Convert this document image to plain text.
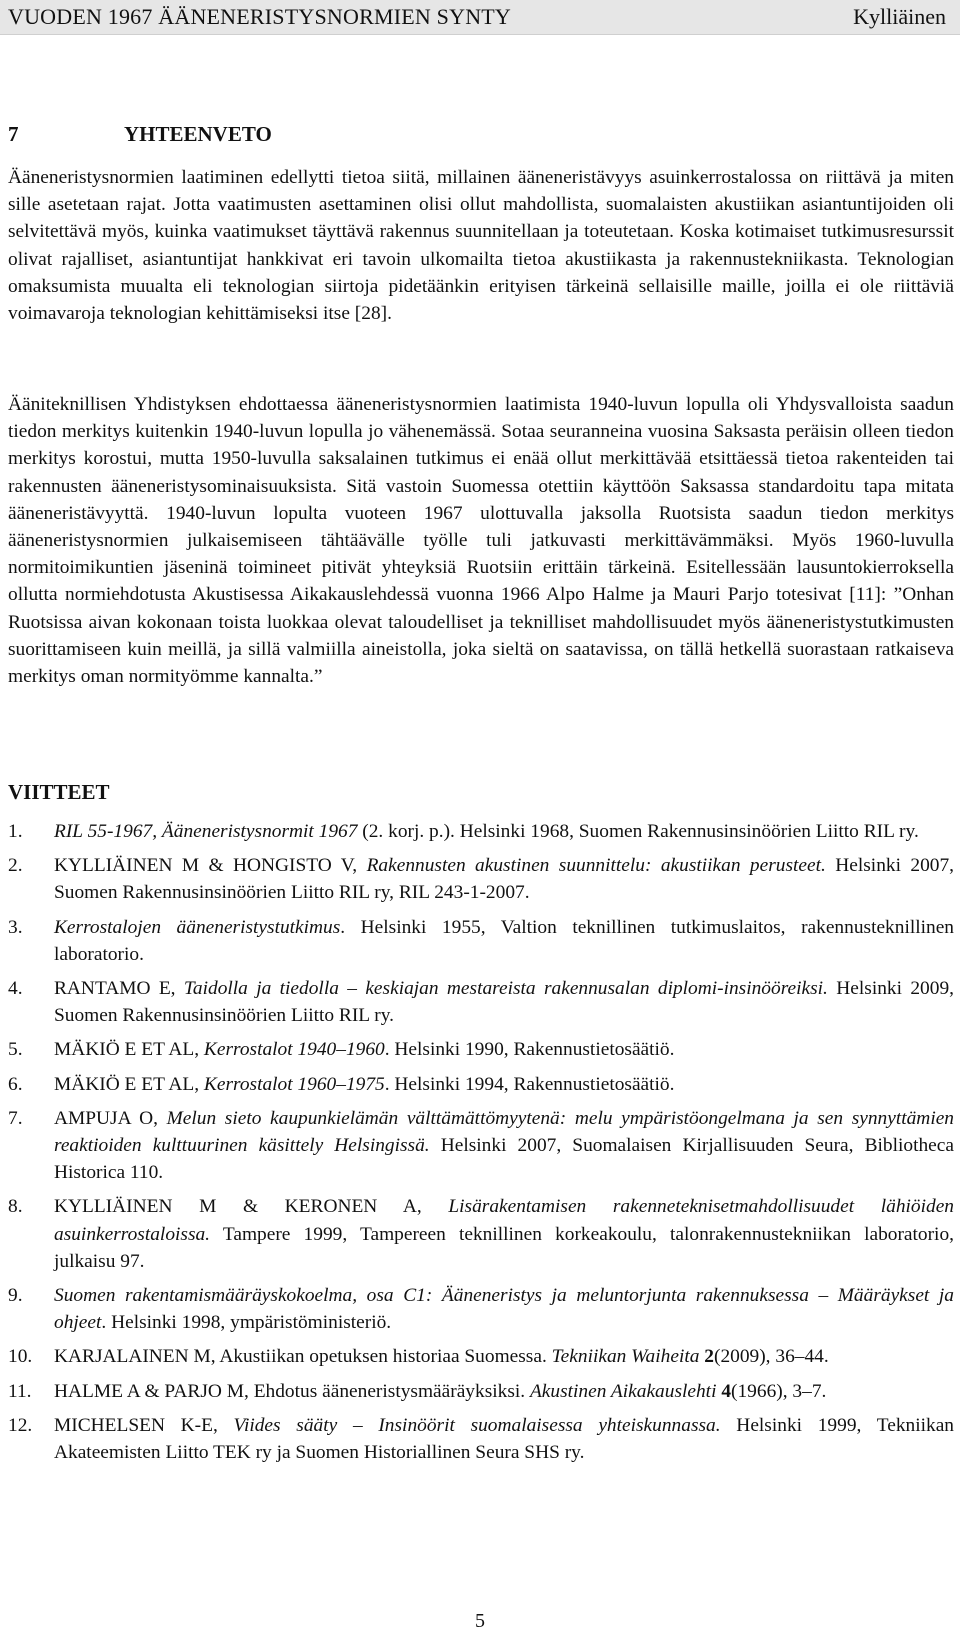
VUODEN 1967 ÄÄNENERISTYSNORMIEN SYNTY	Kylliäinen
7	YHTEENVETO

Ääneneristysnormien laatiminen edellytti tietoa siitä, millainen ääneneristävyys asuinkerrostalossa on riittävä ja miten sille asetetaan rajat. Jotta vaatimusten asettaminen olisi ollut mahdollista, suomalaisten akustiikan asiantuntijoiden oli selvitettävä myös, kuinka vaatimukset täyttävä rakennus suunnitellaan ja toteutetaan. Koska kotimaiset tutkimusresurssit olivat rajalliset, asiantuntijat hankkivat eri tavoin ulkomailta tietoa akustiikasta ja rakennustekniikasta. Teknologian omaksumista muualta eli teknologian siirtoja pidetäänkin erityisen tärkeinä sellaisille maille, joilla ei ole riittäviä voimavaroja teknologian kehittämiseksi itse [28].

Ääniteknillisen Yhdistyksen ehdottaessa ääneneristysnormien laatimista 1940-luvun lopulla oli Yhdysvalloista saadun tiedon merkitys kuitenkin 1940-luvun lopulla jo vähenemässä. Sotaa seuranneina vuosina Saksasta peräisin olleen tiedon merkitys korostui, mutta 1950-luvulla saksalainen tutkimus ei enää ollut merkittävää etsittäessä tietoa rakenteiden tai rakennusten ääneneristysominaisuuksista. Sitä vastoin Suomessa otettiin käyttöön Saksassa standardoitu tapa mitata ääneneristävyyttä. 1940-luvun lopulta vuoteen 1967 ulottuvalla jaksolla Ruotsista saadun tiedon merkitys ääneneristysnormien julkaisemiseen tähtäävälle työlle tuli jatkuvasti merkittävämmäksi. Myös 1960-luvulla normitoimikuntien jäseninä toimineet pitivät yhteyksiä Ruotsiin erittäin tärkeinä. Esitellessään lausuntokierroksella ollutta normiehdotusta Akustisessa Aikakauslehdessä vuonna 1966 Alpo Halme ja Mauri Parjo totesivat [11]: ”Onhan Ruotsissa aivan kokonaan toista luokkaa olevat taloudelliset ja teknilliset mahdollisuudet myös ääneneristystutkimusten suorittamiseen kuin meillä, ja sillä valmiilla aineistolla, joka sieltä on saatavissa, on tällä hetkellä suorastaan ratkaiseva merkitys oman normityömme kannalta.”

VIITTEET
1. RIL 55-1967, Ääneneristysnormit 1967 (2. korj. p.). Helsinki 1968, Suomen Rakennusinsinöörien Liitto RIL ry.
2. KYLLIÄINEN M & HONGISTO V, Rakennusten akustinen suunnittelu: akustiikan perusteet. Helsinki 2007, Suomen Rakennusinsinöörien Liitto RIL ry, RIL 243-1-2007.
3. Kerrostalojen ääneneristystutkimus. Helsinki 1955, Valtion teknillinen tutkimuslaitos, rakennusteknillinen laboratorio.
4. RANTAMO E, Taidolla ja tiedolla – keskiajan mestareista rakennusalan diplomi-insinööreiksi. Helsinki 2009, Suomen Rakennusinsinöörien Liitto RIL ry.
5. MÄKIÖ E ET AL, Kerrostalot 1940–1960. Helsinki 1990, Rakennustietosäätiö.
6. MÄKIÖ E ET AL, Kerrostalot 1960–1975. Helsinki 1994, Rakennustietosäätiö.
7. AMPUJA O, Melun sieto kaupunkielämän välttämättömyytenä: melu ympäristöongelmana ja sen synnyttämien reaktioiden kulttuurinen käsittely Helsingissä. Helsinki 2007, Suomalaisen Kirjallisuuden Seura, Bibliotheca Historica 110.
8. KYLLIÄINEN M & KERONEN A, Lisärakentamisen rakenneteknisetmahdollisuudet lähiöiden asuinkerrostaloissa. Tampere 1999, Tampereen teknillinen korkeakoulu, talonrakennustekniikan laboratorio, julkaisu 97.
9. Suomen rakentamismääräyskokoelma, osa C1: Ääneneristys ja meluntorjunta rakennuksessa – Määräykset ja ohjeet. Helsinki 1998, ympäristöministeriö.
10. KARJALAINEN M, Akustiikan opetuksen historiaa Suomessa. Tekniikan Waiheita 2(2009), 36–44.
11. HALME A & PARJO M, Ehdotus ääneneristysmääräyksiksi. Akustinen Aikakauslehti 4(1966), 3–7.
12. MICHELSEN K-E, Viides sääty – Insinöörit suomalaisessa yhteiskunnassa. Helsinki 1999, Tekniikan Akateemisten Liitto TEK ry ja Suomen Historiallinen Seura SHS ry.
5
